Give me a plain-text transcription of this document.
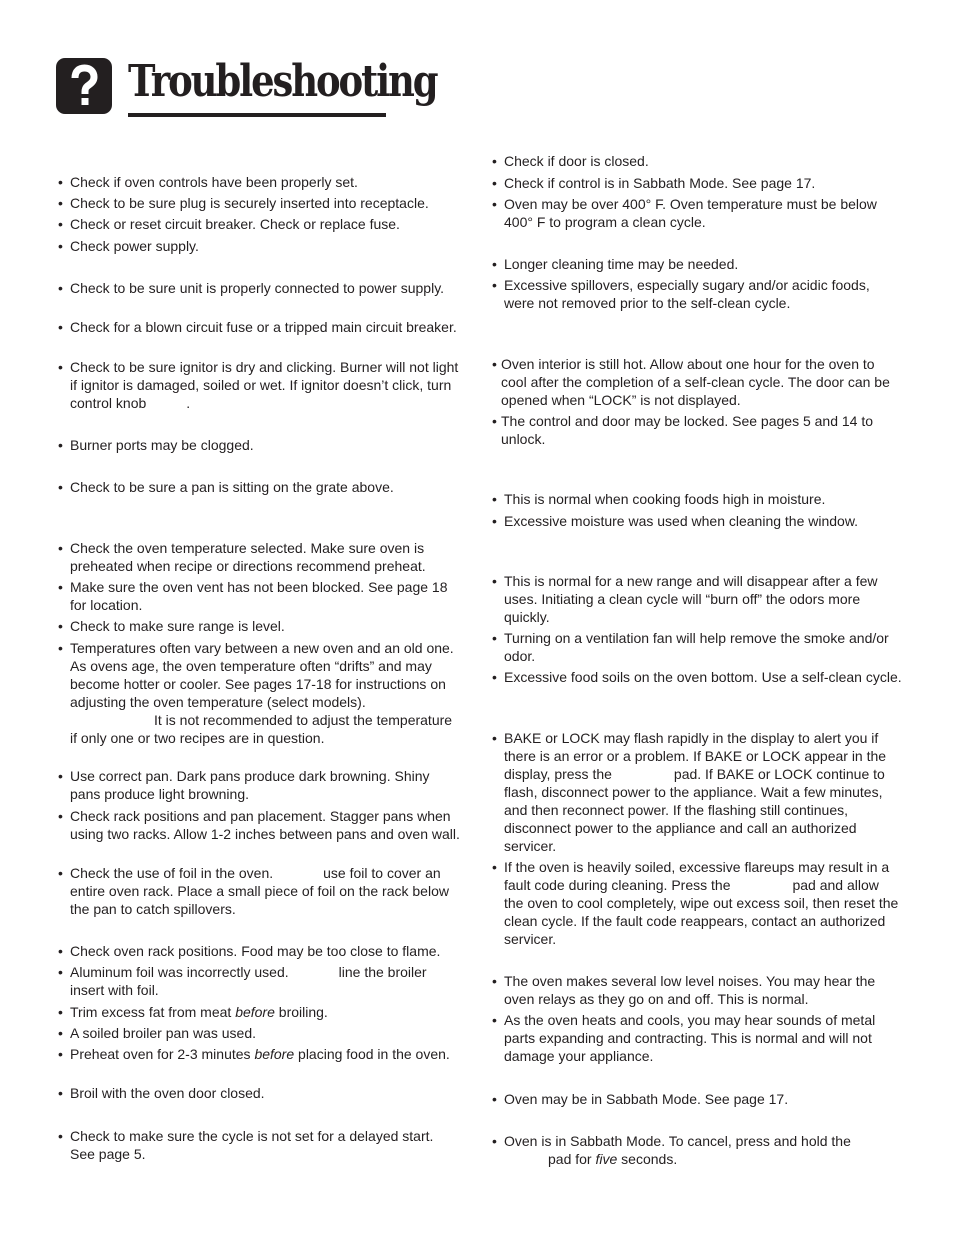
Troubleshooting
• Check if oven controls have been properly set.
• Check to be sure plug is securely inserted into receptacle.
• Check or reset circuit breaker. Check or replace fuse.
• Check power supply.
• Check to be sure unit is properly connected to power supply.
• Check for a blown circuit fuse or a tripped main circuit breaker.
• Check to be sure ignitor is dry and clicking. Burner will not light if ignitor is damaged, soiled or wet. If ignitor doesn’t click, turn control knob	.
• Burner ports may be clogged.
• Check to be sure a pan is sitting on the grate above.
• Check the oven temperature selected. Make sure oven is preheated when recipe or directions recommend preheat.
• Make sure the oven vent has not been blocked. See page 18 for location.
• Check to make sure range is level.
• Temperatures often vary between a new oven and an old one. As ovens age, the oven temperature often “drifts” and may become hotter or cooler. See pages 17-18 for instructions on adjusting the oven temperature (select models).
It is not recommended to adjust the temperature if only one or two recipes are in question.
• Use correct pan. Dark pans produce dark browning. Shiny pans produce light browning.
• Check rack positions and pan placement. Stagger pans when using two racks. Allow 1-2 inches between pans and oven wall.
• Check the use of foil in the oven.	use foil to cover an entire oven rack. Place a small piece of foil on the rack below the pan to catch spillovers.
• Check oven rack positions. Food may be too close to flame.
• Aluminum foil was incorrectly used.	line the broiler insert with foil.
• Trim excess fat from meat before broiling.
• A soiled broiler pan was used.
• Preheat oven for 2-3 minutes before placing food in the oven.
• Broil with the oven door closed.
• Check to make sure the cycle is not set for a delayed start. See page 5.
• Check if door is closed.
• Check if control is in Sabbath Mode. See page 17.
• Oven may be over 400° F. Oven temperature must be below 400° F to program a clean cycle.
• Longer cleaning time may be needed.
• Excessive spillovers, especially sugary and/or acidic foods, were not removed prior to the self-clean cycle.
• Oven interior is still hot. Allow about one hour for the oven to cool after the completion of a self-clean cycle. The door can be opened when “LOCK” is not displayed.
• The control and door may be locked. See pages 5 and 14 to unlock.
• This is normal when cooking foods high in moisture.
• Excessive moisture was used when cleaning the window.
• This is normal for a new range and will disappear after a few uses. Initiating a clean cycle will “burn off” the odors more quickly.
• Turning on a ventilation fan will help remove the smoke and/or odor.
• Excessive food soils on the oven bottom. Use a self-clean cycle.
• BAKE or LOCK may flash rapidly in the display to alert you if there is an error or a problem. If BAKE or LOCK appear in the display, press the	pad. If BAKE or LOCK continue to flash, disconnect power to the appliance. Wait a few minutes, and then reconnect power. If the flashing still continues, disconnect power to the appliance and call an authorized servicer.
• If the oven is heavily soiled, excessive flareups may result in a fault code during cleaning. Press the	pad and allow the oven to cool completely, wipe out excess soil, then reset the clean cycle. If the fault code reappears, contact an authorized servicer.
• The oven makes several low level noises. You may hear the oven relays as they go on and off. This is normal.
• As the oven heats and cools, you may hear sounds of metal parts expanding and contracting. This is normal and will not damage your appliance.
• Oven may be in Sabbath Mode. See page 17.
• Oven is in Sabbath Mode. To cancel, press and hold the
pad for five seconds.
